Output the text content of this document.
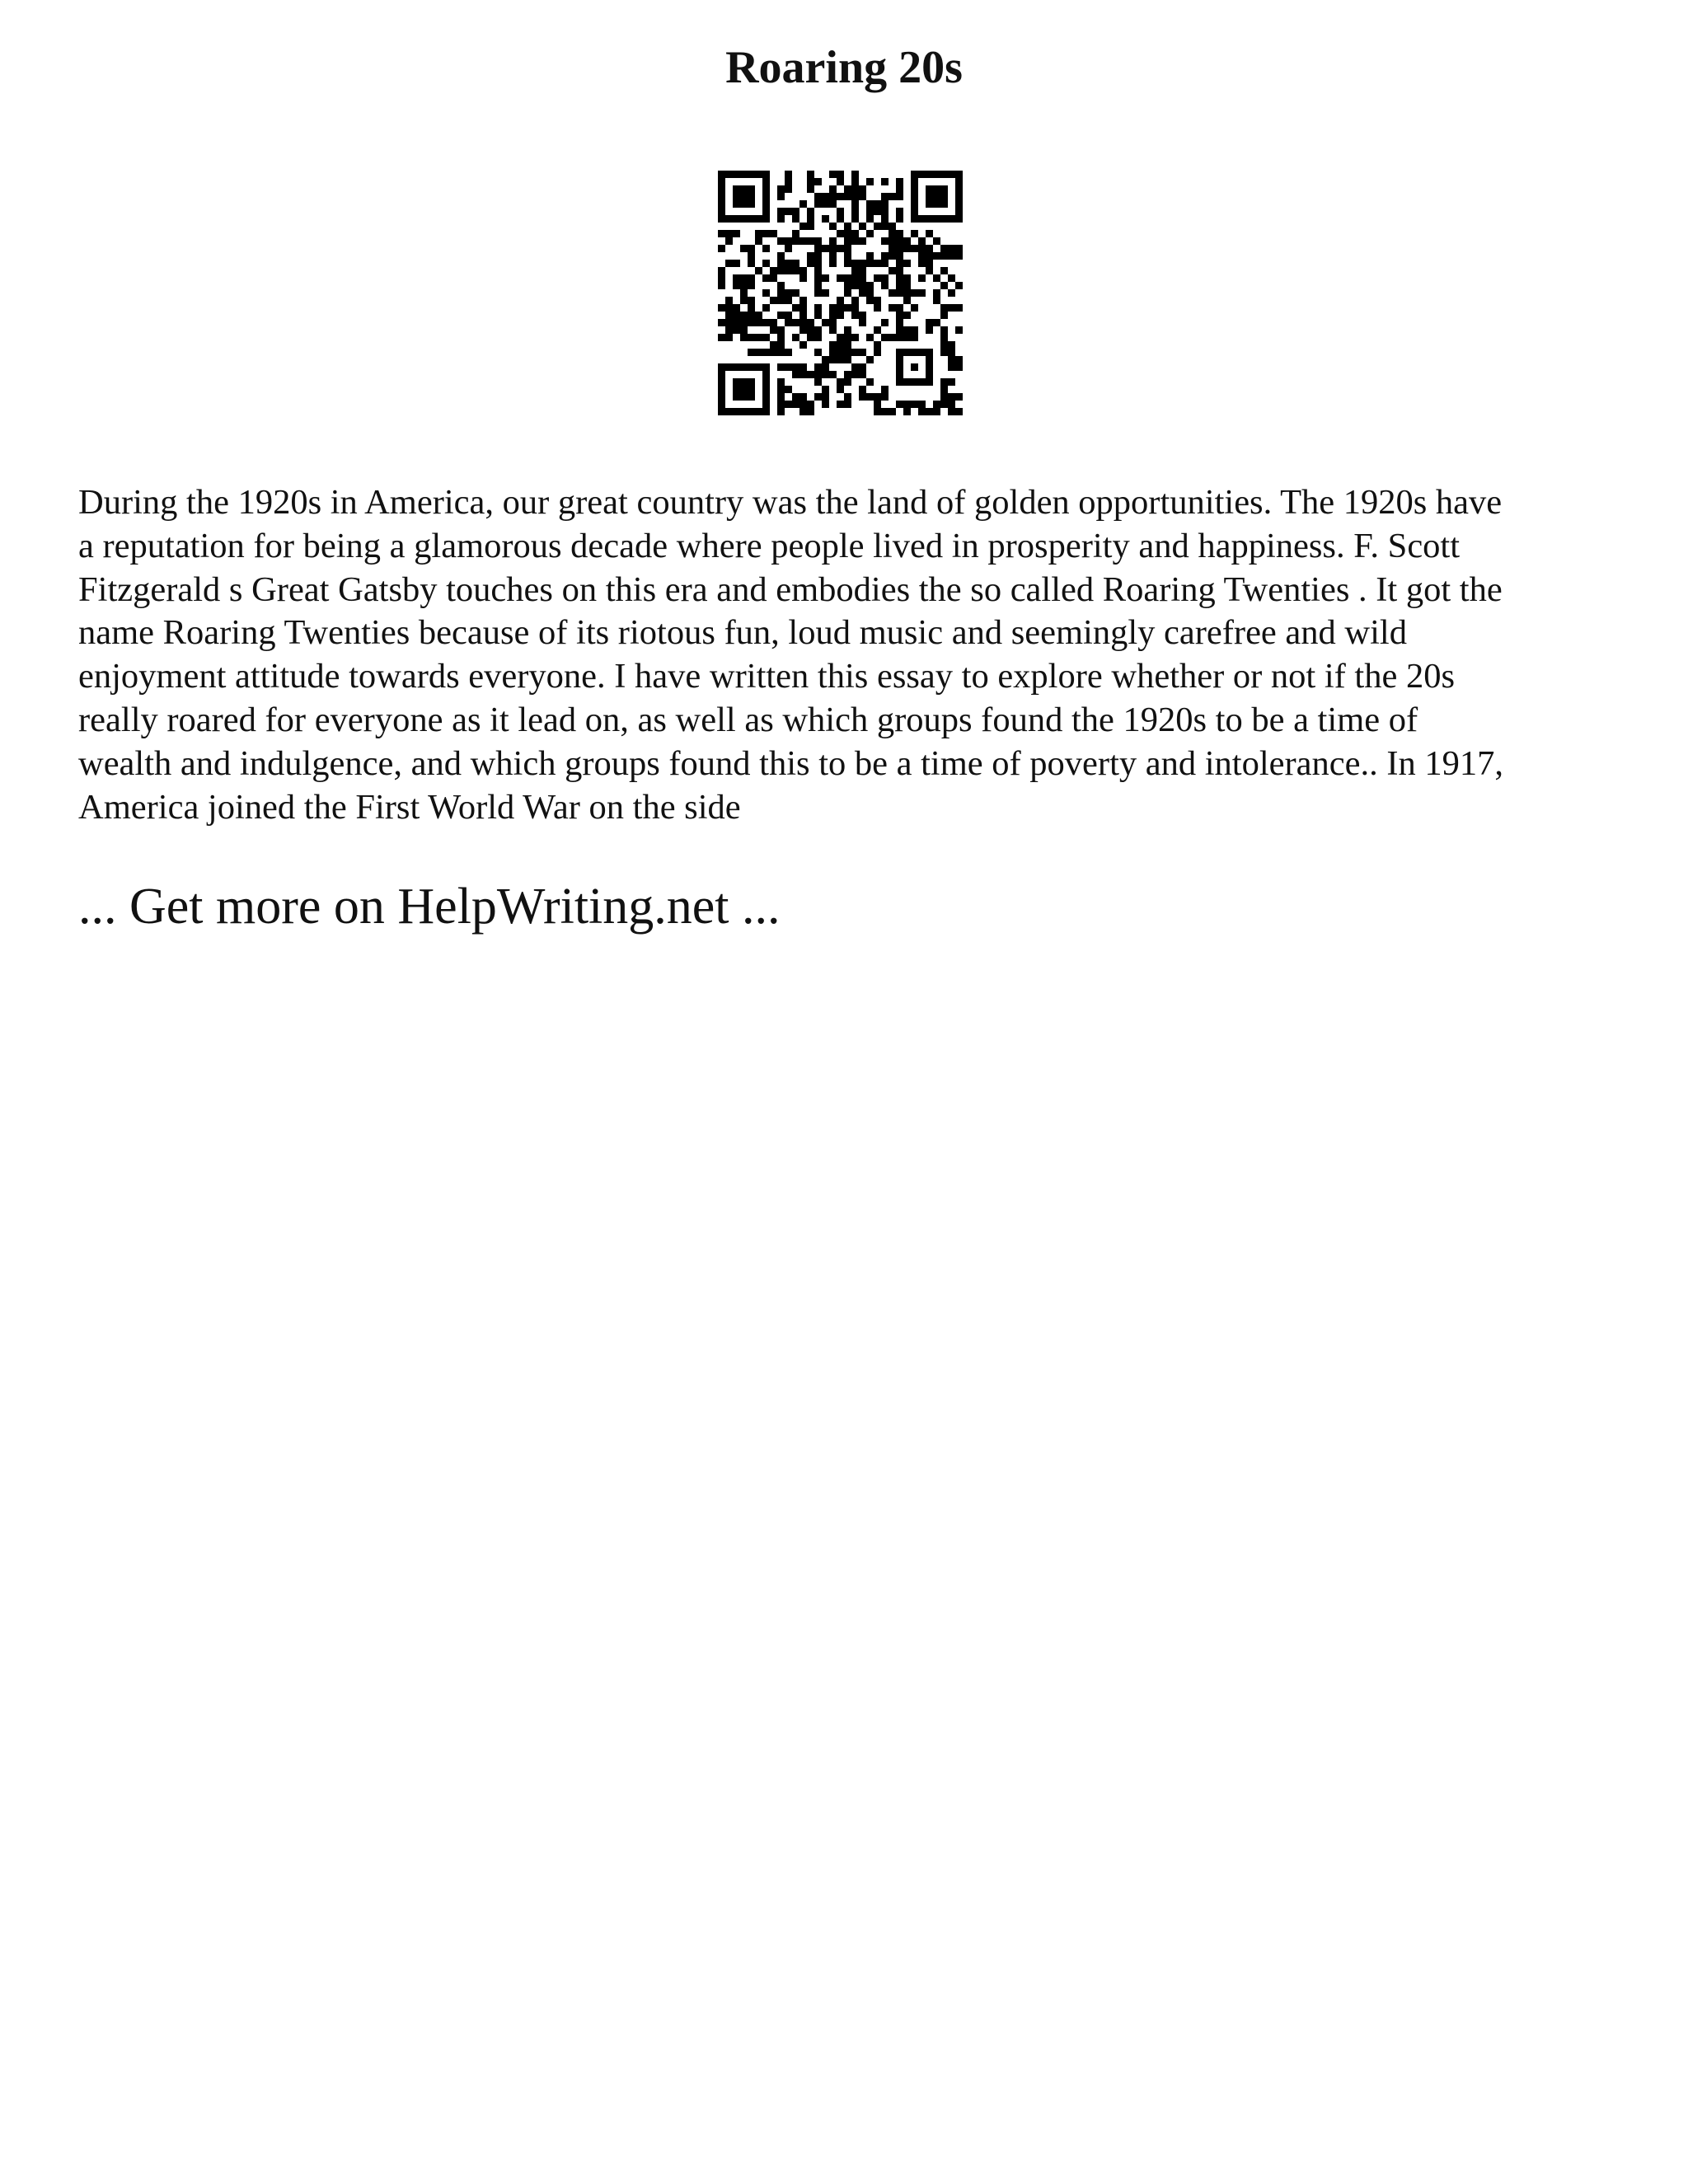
Roaring 20s
During the 1920s in America, our great country was the land of golden opportunities. The 1920s have
a reputation for being a glamorous decade where people lived in prosperity and happiness. F. Scott
Fitzgerald s Great Gatsby touches on this era and embodies the so called Roaring Twenties . It got the
name Roaring Twenties because of its riotous fun, loud music and seemingly carefree and wild
enjoyment attitude towards everyone. I have written this essay to explore whether or not if the 20s
really roared for everyone as it lead on, as well as which groups found the 1920s to be a time of
wealth and indulgence, and which groups found this to be a time of poverty and intolerance.. In 1917,
America joined the First World War on the side

... Get more on HelpWriting.net ...
